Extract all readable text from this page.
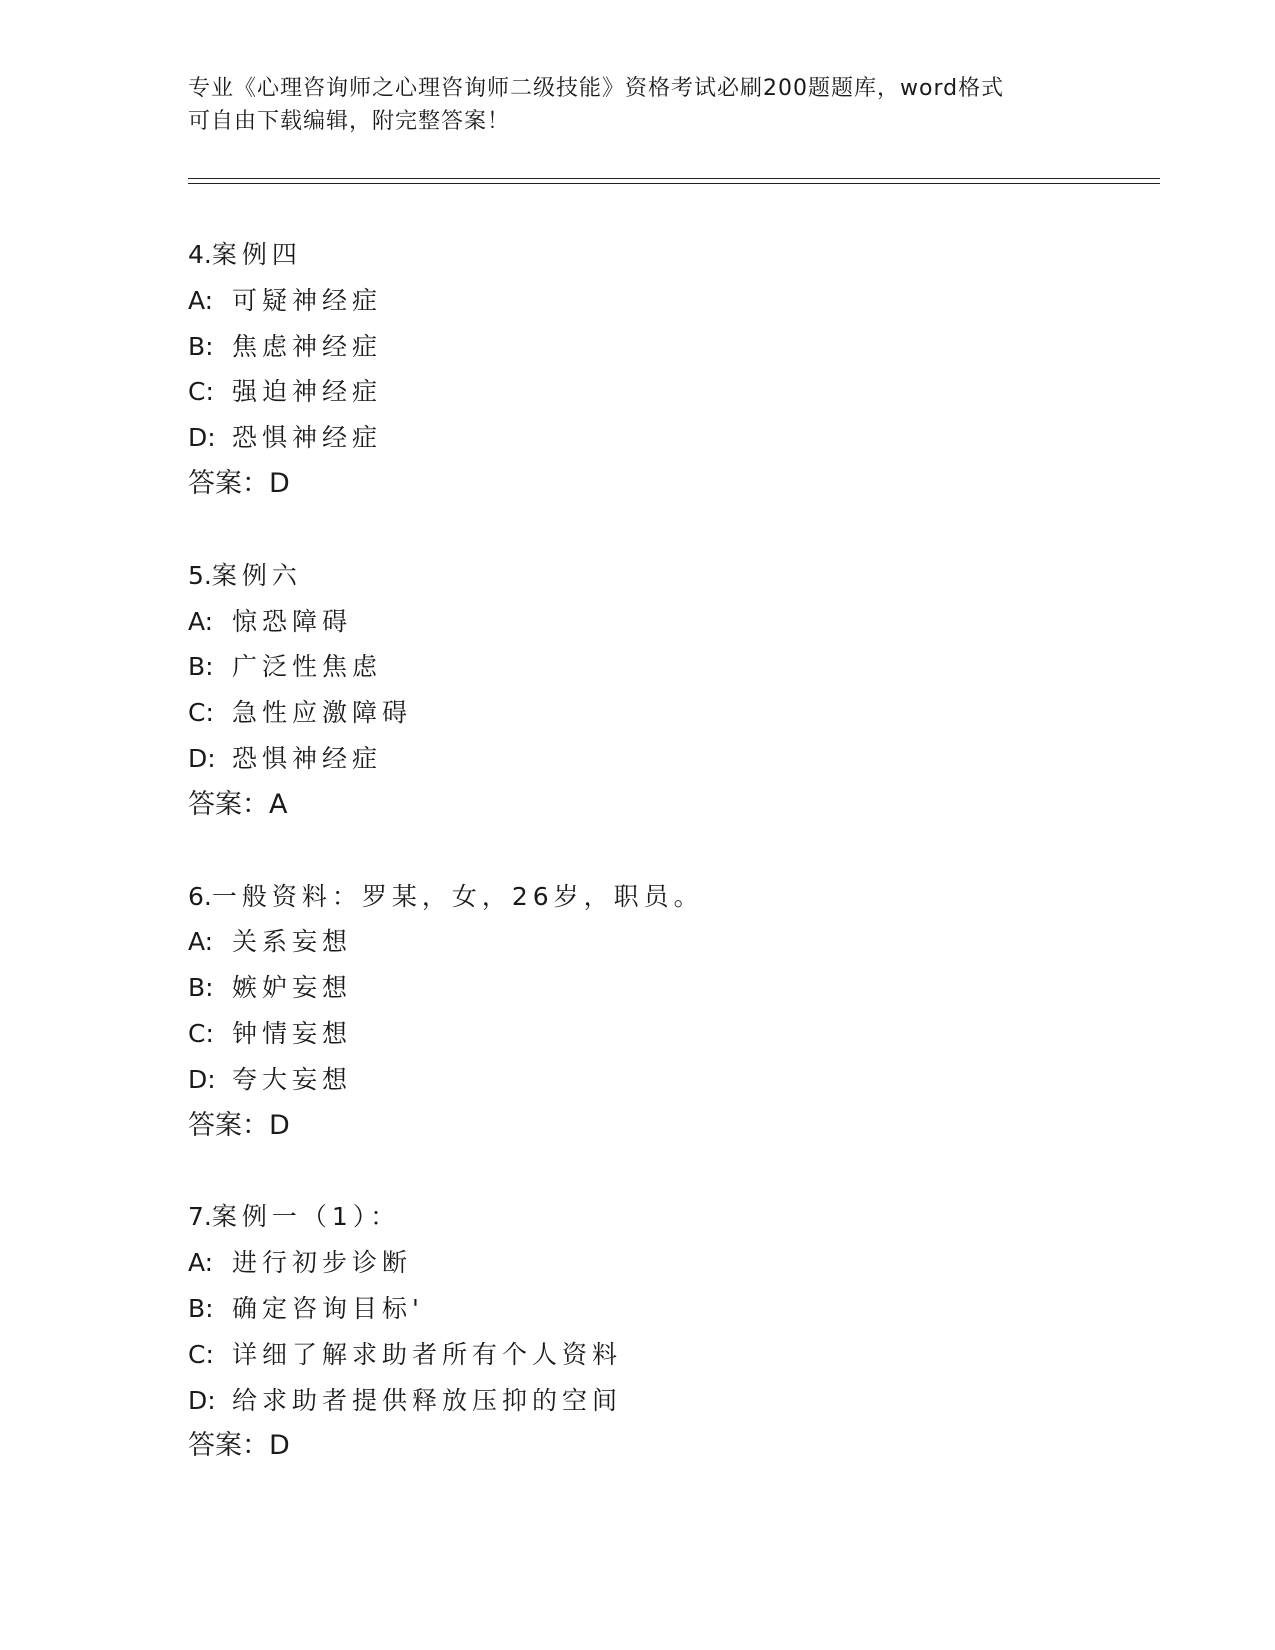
专业《心理咨询师之心理咨询师二级技能》资格考试必刷200题题库，word格式
可自由下载编辑，附完整答案！
4.案例四
A: 可疑神经症
B: 焦虑神经症
C: 强迫神经症
D: 恐惧神经症
答案：D
5.案例六
A: 惊恐障碍
B: 广泛性焦虑
C: 急性应激障碍
D: 恐惧神经症
答案：A
6.一般资料：罗某，女，26岁，职员。
A: 关系妄想
B: 嫉妒妄想
C: 钟情妄想
D: 夸大妄想
答案：D
7.案例一（1）：
A: 进行初步诊断
B: 确定咨询目标'
C: 详细了解求助者所有个人资料
D: 给求助者提供释放压抑的空间
答案：D
